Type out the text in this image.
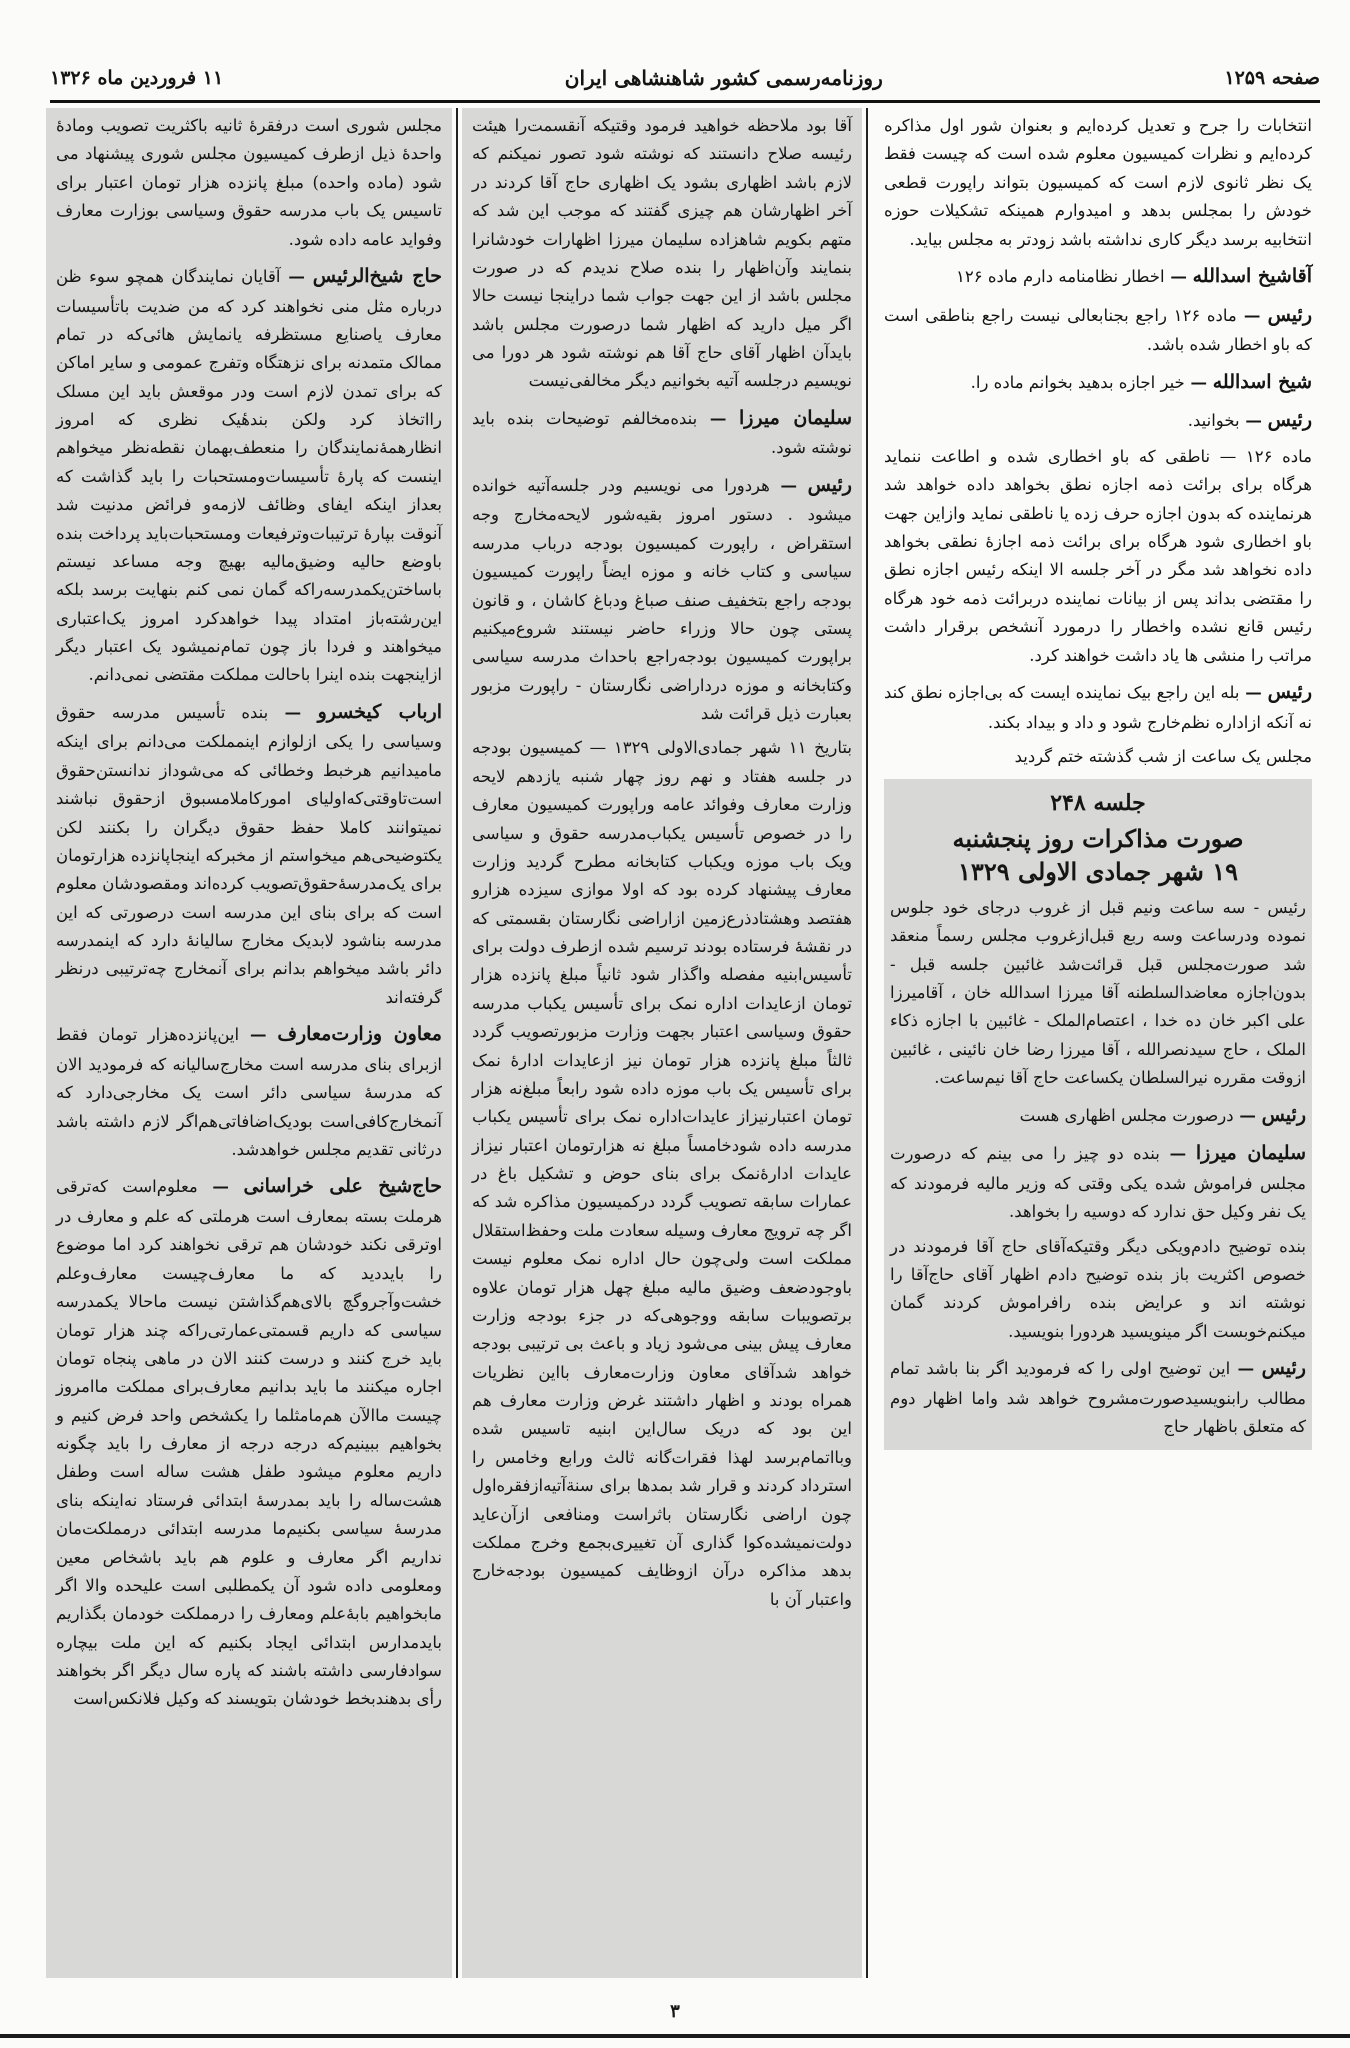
صفحه ۱۲۵۹
روزنامه‌رسمی کشور شاهنشاهی ایران
۱۱ فروردین ماه ۱۳۲۶

انتخابات را جرح و تعدیل کرده‌ایم و بعنوان شور اول مذاکره کرده‌ایم و نظرات کمیسیون معلوم شده است که چیست فقط یک نظر ثانوی لازم است که کمیسیون بتواند راپورت قطعی خودش را بمجلس بدهد و امیدوارم همینکه تشکیلات حوزه انتخابیه برسد دیگر کاری نداشته باشد زودتر به مجلس بیاید.

آقاشیخ اسدالله — اخطار نظامنامه دارم ماده ۱۲۶

رئیس — ماده ۱۲۶ راجع بجنابعالی نیست راجع بناطقی است که باو اخطار شده باشد.

شیخ اسدالله — خیر اجازه بدهید بخوانم ماده را.

رئیس — بخوانید.

ماده ۱۲۶ — ناطقی که باو اخطاری شده و اطاعت ننماید هرگاه برای برائت ذمه اجازه نطق بخواهد داده خواهد شد هرنماینده که بدون اجازه حرف زده یا ناطقی نماید وازاین جهت باو اخطاری شود هرگاه برای برائت ذمه اجازهٔ نطقی بخواهد داده نخواهد شد مگر در آخر جلسه الا اینکه رئیس اجازه نطق را مقتضی بداند پس از بیانات نماینده دربرائت ذمه خود هرگاه رئیس قانع نشده واخطار را درمورد آنشخص برقرار داشت مراتب را منشی ها یاد داشت خواهند کرد.

رئیس — بله این راجع بیک نماینده ایست که بی‌اجازه نطق کند نه آنکه ازاداره نظم‌خارج شود و داد و بیداد بکند.

مجلس یک ساعت از شب گذشته ختم گردید

جلسه ۲۴۸
صورت مذاکرات روز پنجشنبه
۱۹ شهر جمادی الاولی ۱۳۲۹

رئیس - سه ساعت ونیم قبل از غروب درجای خود جلوس نموده ودرساعت وسه ربع قبل‌ازغروب مجلس رسماً منعقد شد صورت‌مجلس قبل قرائت‌شد غائبین جلسه قبل - بدون‌اجازه معاضدالسلطنه آقا میرزا اسدالله خان ، آقامیرزا علی اکبر خان ده خدا ، اعتصام‌الملک - غائبین با اجازه ذکاء الملک ، حاج سیدنصرالله ، آقا میرزا رضا خان نائینی ، غائبین ازوقت مقرره نیرالسلطان یکساعت حاج آقا نیم‌ساعت.

رئیس — درصورت مجلس اظهاری هست

سلیمان میرزا — بنده دو چیز را می بینم که درصورت مجلس فراموش شده یکی وقتی که وزیر مالیه فرمودند که یک نفر وکیل حق ندارد که دوسیه را بخواهد.

بنده توضیح دادم‌ویکی دیگر وقتیکه‌آقای حاج آقا فرمودند در خصوص اکثریت باز بنده توضیح دادم اظهار آقای حاج‌آقا را نوشته اند و عرایض بنده رافراموش کردند گمان میکنم‌خوبست اگر مینویسید هردورا بنویسید.

رئیس — این توضیح اولی را که فرمودید اگر بنا باشد تمام مطالب رابنویسیدصورت‌مشروح خواهد شد واما اظهار دوم که متعلق باظهار حاج

آقا بود ملاحظه خواهید فرمود وقتیکه آنقسمت‌را هیئت رئیسه صلاح دانستند که نوشته شود تصور نمیکنم که لازم باشد اظهاری بشود یک اظهاری حاج آقا کردند در آخر اظهارشان هم چیزی گفتند که موجب این شد که متهم بکویم شاهزاده سلیمان میرزا اظهارات خودشانرا بنمایند وآن‌اظهار را بنده صلاح ندیدم که در صورت مجلس باشد از این جهت جواب شما دراینجا نیست حالا اگر میل دارید که اظهار شما درصورت مجلس باشد بایدآن اظهار آقای حاج آقا هم نوشته شود هر دورا می نویسیم درجلسه آتیه بخوانیم دیگر مخالفی‌نیست

سلیمان میرزا — بنده‌مخالفم توضیحات بنده باید نوشته شود.

رئیس — هردورا می نویسیم ودر جلسه‌آتیه خوانده میشود . دستور امروز بقیه‌شور لایحه‌مخارج وجه استقراض ، راپورت کمیسیون بودجه درباب مدرسه سیاسی و کتاب خانه و موزه ایضاً راپورت کمیسیون بودجه راجع بتخفیف صنف صباغ ودباغ کاشان ، و قانون پستی چون حالا وزراء حاضر نیستند شروع‌میکنیم براپورت کمیسیون بودجه‌راجع باحداث مدرسه سیاسی وکتابخانه و موزه درداراضی نگارستان - راپورت مزبور بعبارت ذیل قرائت شد

بتاریخ ۱۱ شهر جمادی‌الاولی ۱۳۲۹ — کمیسیون بودجه در جلسه هفتاد و نهم روز چهار شنبه یازدهم لایحه وزارت معارف وفوائد عامه وراپورت کمیسیون معارف را در خصوص تأسیس یکباب‌مدرسه حقوق و سیاسی ویک باب موزه ویکباب کتابخانه مطرح گردید وزارت معارف پیشنهاد کرده بود که اولا موازی سیزده هزارو هفتصد وهشتادذرع‌زمین ازاراضی نگارستان بقسمتی که در نقشهٔ فرستاده بودند ترسیم شده ازطرف دولت برای تأسیس‌ابنیه مفصله واگذار شود ثانیاً مبلغ پانزده هزار تومان ازعایدات اداره نمک برای تأسیس یکباب مدرسه حقوق وسیاسی اعتبار بجهت وزارت مزبورتصویب گردد ثالثاً مبلغ پانزده هزار تومان نیز ازعایدات ادارهٔ نمک برای تأسیس یک باب موزه داده شود رابعاً مبلغ‌نه هزار تومان اعتبار‌نیزاز عایدات‌اداره نمک برای تأسیس یکباب مدرسه داده شود‌خامساً مبلغ نه هزارتومان اعتبار نیزاز عایدات ادارهٔ‌نمک برای بنای حوض و تشکیل باغ در عمارات سابقه تصویب گردد درکمیسیون مذاکره شد که اگر چه ترویج معارف وسیله سعادت ملت وحفظ‌استقلال مملکت است ولی‌چون حال اداره نمک معلوم نیست باوجودضعف وضیق مالیه مبلغ چهل هزار تومان علاوه برتصویبات سابقه ووجوهی‌که در جزء بودجه وزارت معارف پیش بینی می‌شود زیاد و باعث بی ترتیبی بودجه خواهد شدآقای معاون وزارت‌معارف بااین نظریات همراه بودند و اظهار داشتند غرض وزارت معارف هم این بود که دریک سال‌این ابنیه تاسیس شده وبااتمام‌برسد لهذا فقرات‌گانه ثالث ورابع وخامس را استرداد کردند و قرار شد بمدها برای سنة‌آتیه‌ازفقره‌اول چون اراضی نگارستان باثراست ومنافعی ازآن‌عاید دولت‌نمیشده‌کوا گذاری آن تغییری‌بجمع وخرج مملکت بدهد مذاکره درآن ازوظایف کمیسیون بودجه‌خارج واعتبار آن با

مجلس شوری است درفقرهٔ ثانیه باکثریت تصویب ومادهٔ واحدهٔ ذیل ازطرف کمیسیون مجلس شوری پیشنهاد می شود (ماده واحده) مبلغ پانزده هزار تومان اعتبار برای تاسیس یک باب مدرسه حقوق وسیاسی بوزارت معارف وفواید عامه داده شود.

حاج شیخ‌الرئیس — آقایان نمایندگان همچو سوء ظن درباره مثل منی نخواهند کرد که من ضدیت باتأسیسات معارف یاصنایع مستظرفه یانمایش هائی‌که در تمام ممالک متمدنه برای نزهتگاه وتفرج عمومی و سایر اماکن که برای تمدن لازم است ودر موقعش باید این مسلک رااتخاذ کرد ولکن بندهٔیک نظری که امروز انظارهمهٔ‌نمایندگان را منعطف‌بهمان نقطه‌نظر میخواهم اینست که پارهٔ تأسیسات‌ومستحبات را باید گذاشت که بعداز اینکه ایفای وظائف لازمه‌و فرائض مدنیت شد آنوقت بپارهٔ ترتیبات‌وترفیعات ومستحبات‌باید پرداخت بنده باوضع حالیه وضیق‌مالیه بهیچ وجه مساعد نیستم باساختن‌یکمدرسه‌راکه گمان نمی کنم بنهایت برسد بلکه این‌رشته‌باز امتداد پیدا خواهد‌کرد امروز یک‌اعتباری میخواهند و فردا باز چون تمام‌نمیشود یک اعتبار دیگر ازاینجهت بنده اینرا باحالت مملکت مقتضی نمی‌دانم.

ارباب کیخسرو — بنده تأسیس مدرسه حقوق وسیاسی را یکی ازلوازم اینمملکت می‌دانم برای اینکه ما‌میدانیم هرخبط وخطائی که می‌شوداز ندانستن‌حقوق است‌تاوقتی‌که‌اولیای امورکاملامسبوق ازحقوق نباشند نمیتوانند کاملا حفظ حقوق دیگران را بکنند لکن یکتوضیحی‌هم میخواستم از مخبرکه اینجاپانزده هزارتومان برای یک‌مدرسهٔ‌حقوق‌تصویب کرده‌اند ومقصودشان معلوم است که برای بنای این مدرسه است درصورتی که این مدرسه بناشود لابدیک مخارج سالیانهٔ دارد که اینمدرسه دائر باشد میخواهم بدانم برای آنمخارج چه‌ترتیبی درنظر گرفته‌اند

معاون وزارت‌معارف — این‌پانزده‌هزار تومان فقط ازبرای بنای مدرسه است مخارج‌سالیانه که فرمودید الان که مدرسهٔ سیاسی دائر است یک مخارجی‌دارد که آنمخارج‌کافی‌است بودیک‌اضافاتی‌هم‌اگر لازم داشته باشد درثانی تقدیم مجلس خواهد‌شد.

حاج‌شیخ علی خراسانی — معلوم‌است که‌ترقی هرملت بسته بمعارف است هرملتی که علم و معارف در اوترقی نکند خودشان هم ترقی نخواهند کرد اما موضوع را باید‌دید که ما معارف‌چیست معارف‌وعلم خشت‌وآجروگچ بالای‌هم‌گذاشتن نیست ماحالا یکمدرسه سیاسی که داریم قسمتی‌عمارتی‌راکه چند هزار تومان باید خرج کنند و درست کنند الان در ماهی پنجاه تومان اجاره میکنند ما باید بدانیم معارف‌برای مملکت ماامروز چیست ماالآن هم‌ما‌مثلما را یکشخص واحد فرض کنیم و بخواهیم ببینیم‌که درجه درجه از معارف را باید چگونه داریم معلوم میشود طفل هشت ساله است وطفل هشت‌ساله را باید بمدرسهٔ ابتدائی فرستاد نه‌اینکه بنای مدرسهٔ سیاسی بکنیم‌ما مدرسه ابتدائی درمملکت‌مان نداریم اگر معارف و علوم هم باید باشخاص معین ومعلومی داده شود آن یکمطلبی است علیحده والا اگر مابخواهیم بابهٔ‌علم ومعارف را درمملکت خودمان بگذاریم بایدمدارس ابتدائی ایجاد بکنیم که این ملت بیچاره سوادفارسی داشته باشند که پاره سال دیگر اگر بخواهند رأی بدهند‌بخط خودشان بتویسند که وکیل فلانکس‌است

۳
